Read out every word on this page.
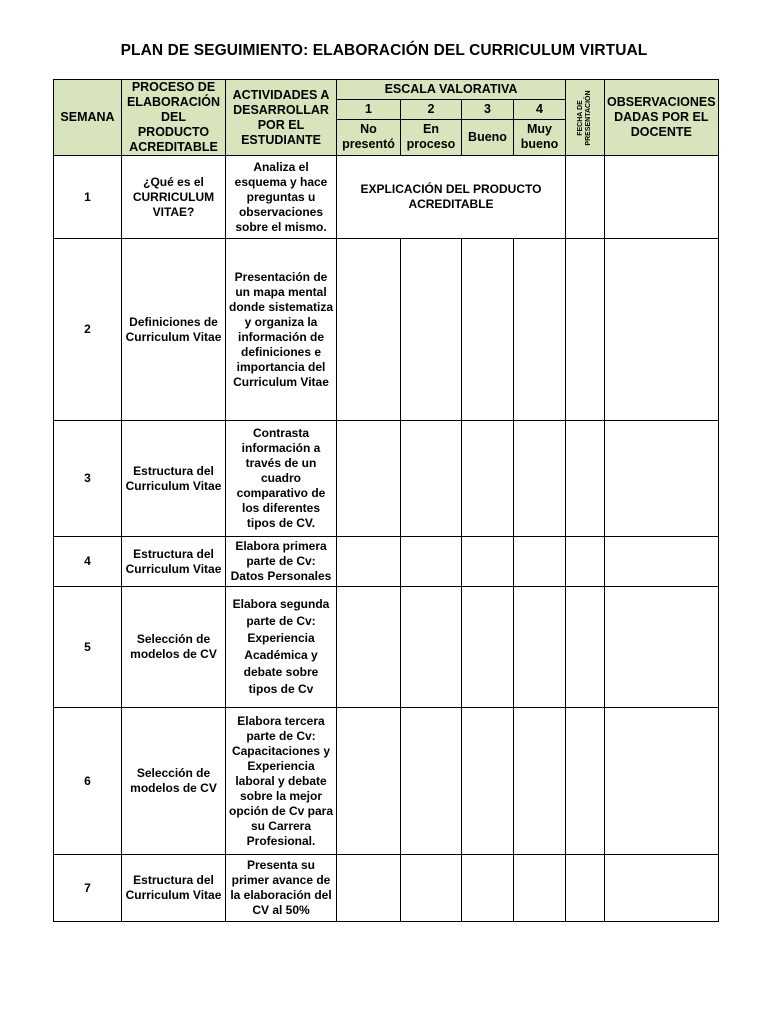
PLAN DE SEGUIMIENTO: ELABORACIÓN DEL CURRICULUM VIRTUAL
SEMANA	PROCESO DE ELABORACIÓN DEL PRODUCTO ACREDITABLE	ACTIVIDADES A DESARROLLAR POR EL ESTUDIANTE	ESCALA VALORATIVA				FECHA DE PRESENTACIÓN	OBSERVACIONES DADAS POR EL DOCENTE
			1	2	3	4		
			No presentó	En proceso	Bueno	Muy bueno		
1	¿Qué es el CURRICULUM VITAE?	Analiza el esquema y hace preguntas u observaciones sobre el mismo.	EXPLICACIÓN DEL PRODUCTO ACREDITABLE					
2	Definiciones de Curriculum Vitae	Presentación de un mapa mental donde sistematiza y organiza la información de definiciones e importancia del Curriculum Vitae						
3	Estructura del Curriculum Vitae	Contrasta información a través de un cuadro comparativo de los diferentes tipos de CV.						
4	Estructura del Curriculum Vitae	Elabora primera parte de Cv: Datos Personales						
5	Selección de modelos de CV	Elabora segunda parte de Cv: Experiencia Académica y debate sobre tipos de Cv						
6	Selección de modelos de CV	Elabora tercera parte de Cv: Capacitaciones y Experiencia laboral y debate sobre la mejor opción de Cv para su Carrera Profesional.						
7	Estructura del Curriculum Vitae	Presenta su primer avance de la elaboración del CV al 50%						
